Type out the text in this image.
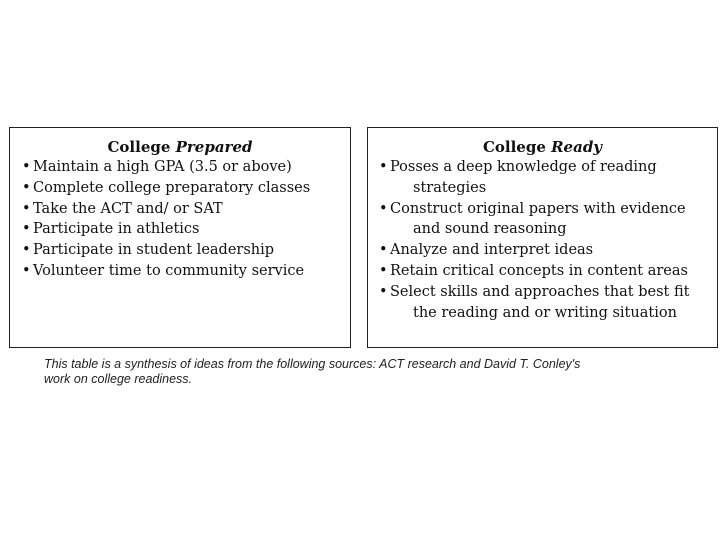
College Prepared
• Maintain a high GPA (3.5 or above)
• Complete college preparatory classes
• Take the ACT and/ or SAT
• Participate in athletics
• Participate in student leadership
• Volunteer time to community service
College Ready
• Posses a deep knowledge of reading
strategies
• Construct original papers with evidence
and sound reasoning
• Analyze and interpret ideas
• Retain critical concepts in content areas
• Select skills and approaches that best fit
the reading and or writing situation
This table is a synthesis of ideas from the following sources: ACT research and David T. Conley's
work on college readiness.
